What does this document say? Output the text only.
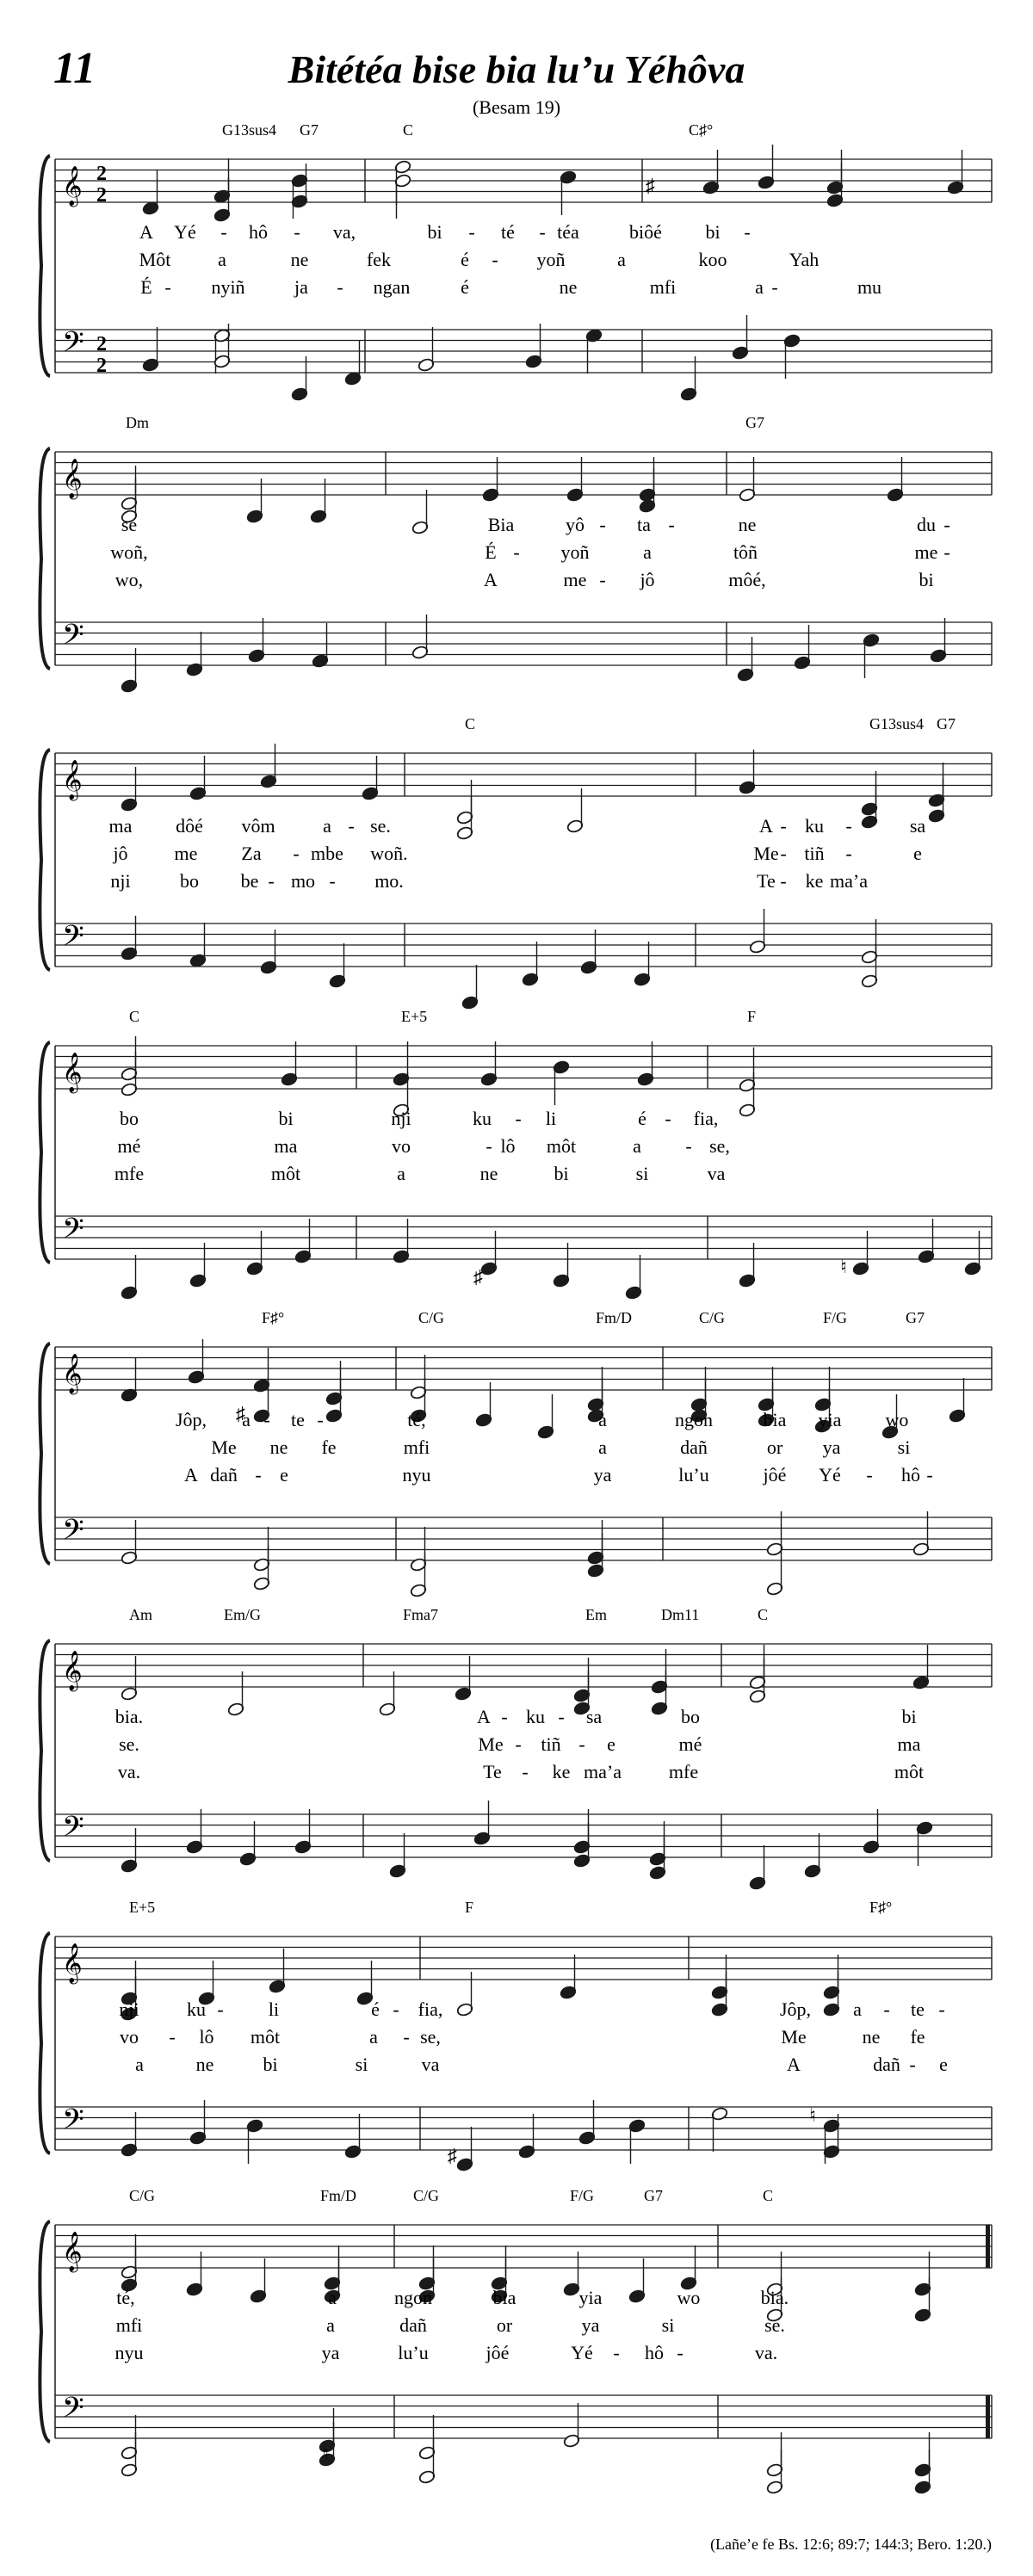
11	Bitétéa bise bia lu’u Yéhôva
(Besam 19)
𝄞
𝄢
2
2
2
2
G13sus4 G7	C	C♯°
♯
A Yé - hô - va,	bi - té - téa	biôé bi -
Môt a	ne	fek	é - yoñ	a	koo	Yah
É - nyiñ	ja - ngan	é	ne	mfi	a -	mu
𝄞
𝄢
Dm	G7
se	Bia	yô - ta -	ne	du -
woñ,	É - yoñ	a	tôñ	me -
wo,	A	me - jô	môé,	bi
𝄞
𝄢
C	G13sus4 G7
ma dôé vôm	a - se.	A - ku -	sa
jô me Za - mbe woñ.	Me - tiñ -	e
nji	bo be - mo - mo.	Te - ke ma’a
𝄞
𝄢
C	E+5	F
♯	♮
bo	bi	nji	ku - li	é - fia,
mé	ma	vo	- lô môt	a - se,
mfe	môt	a	ne	bi	si	va
𝄞
𝄢
F♯°	C/G	Fm/D	C/G	F/G	G7
♯
Jôp, a - te -	té,	a	ngon	bia yia wo
Me ne fe	mfi	a	dañ	or ya	si
A dañ - e	nyu	ya	lu’u	jôé Yé - hô -
𝄞
𝄢
Am	Em/G	Fma7	Em	Dm11	C
bia.	A - ku - sa	bo	bi
se.	Me - tiñ - e	mé	ma
va.	Te - ke ma’a mfe	môt
𝄞
𝄢
E+5	F	F♯°
♯
♮
nji	ku - li	é - fia,	Jôp, a - te -
vo - lô môt	a - se,	Me	ne fe
a	ne	bi	si	va	A	dañ - e
𝄞
𝄢
C/G	Fm/D	C/G	F/G	G7	C
♮
té,	a	ngon	bia	yia	wo	bia.
mfi	a	dañ	or	ya	si	se.
nyu	ya	lu’u	jôé	Yé - hô -	va.
(Lañe’e fe Bs. 12:6; 89:7; 144:3; Bero. 1:20.)
